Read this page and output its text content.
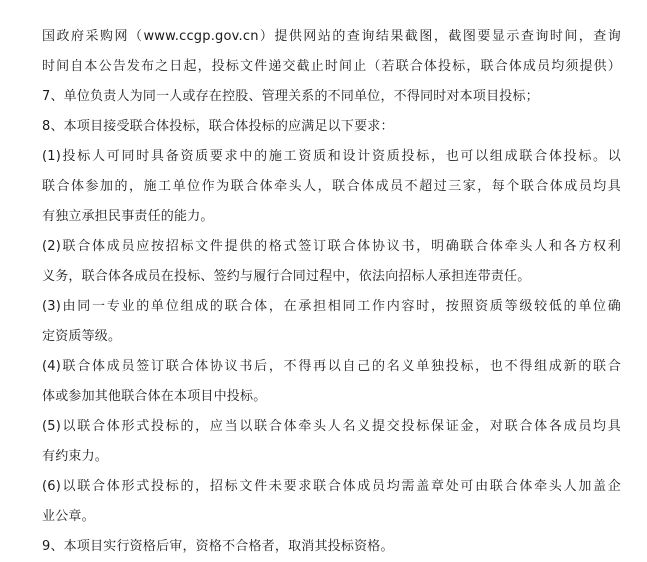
国政府采购网（www.ccgp.gov.cn）提供网站的查询结果截图，截图要显示查询时间，查询
时间自本公告发布之日起，投标文件递交截止时间止（若联合体投标，联合体成员均须提供）
7、单位负责人为同一人或存在控股、管理关系的不同单位，不得同时对本项目投标；
8、本项目接受联合体投标，联合体投标的应满足以下要求：
(1)投标人可同时具备资质要求中的施工资质和设计资质投标，也可以组成联合体投标。以
联合体参加的，施工单位作为联合体牵头人，联合体成员不超过三家，每个联合体成员均具
有独立承担民事责任的能力。
(2)联合体成员应按招标文件提供的格式签订联合体协议书，明确联合体牵头人和各方权利
义务，联合体各成员在投标、签约与履行合同过程中，依法向招标人承担连带责任。
(3)由同一专业的单位组成的联合体，在承担相同工作内容时，按照资质等级较低的单位确
定资质等级。
(4)联合体成员签订联合体协议书后，不得再以自己的名义单独投标，也不得组成新的联合
体或参加其他联合体在本项目中投标。
(5)以联合体形式投标的，应当以联合体牵头人名义提交投标保证金，对联合体各成员均具
有约束力。
(6)以联合体形式投标的，招标文件未要求联合体成员均需盖章处可由联合体牵头人加盖企
业公章。
9、本项目实行资格后审，资格不合格者，取消其投标资格。
